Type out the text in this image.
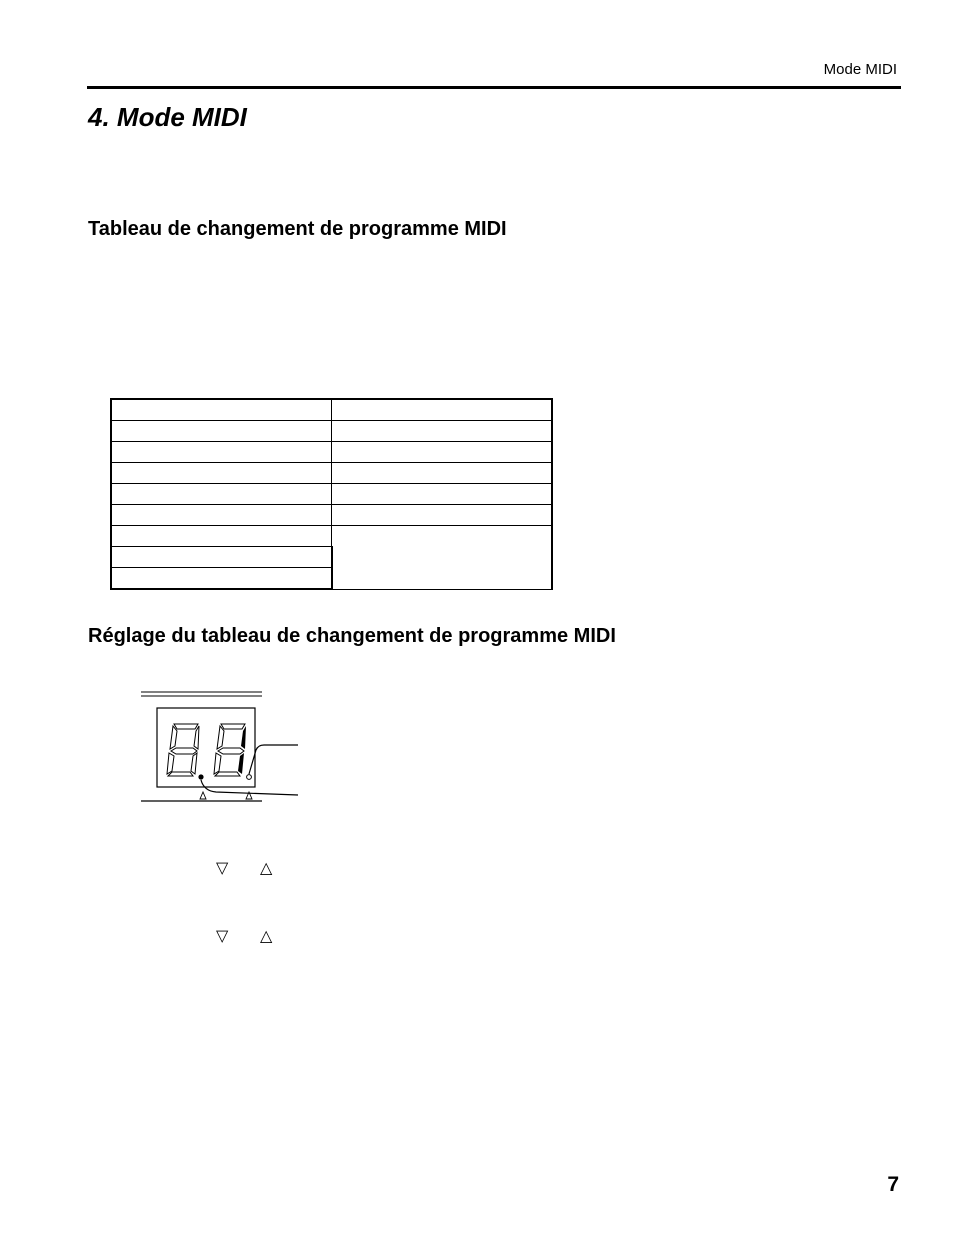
Mode MIDI
4. Mode MIDI
Tableau de changement de programme MIDI

Réglage du tableau de changement de programme MIDI
▽ △
▽ △
7
